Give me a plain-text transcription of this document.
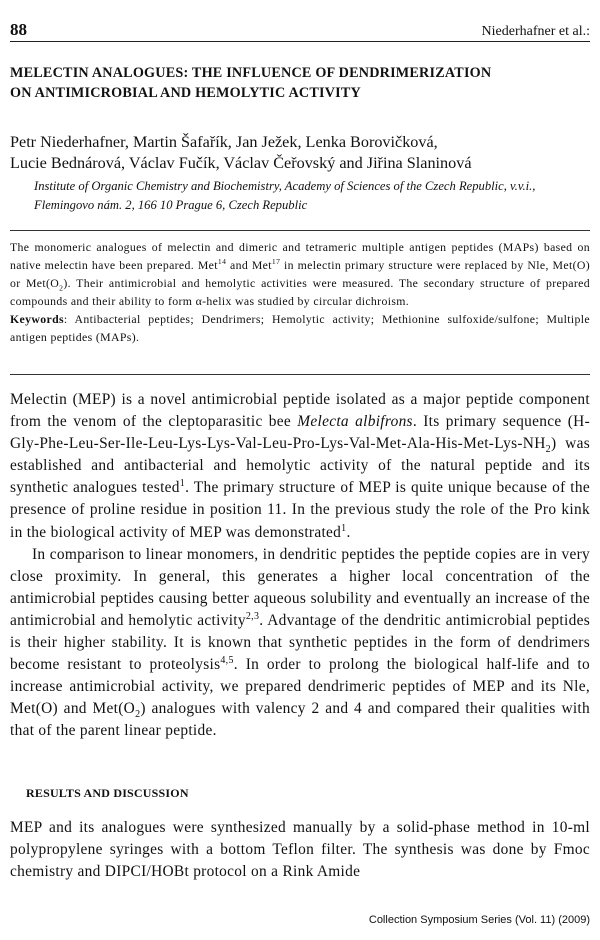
88	Niederhafner et al.:
MELECTIN ANALOGUES: THE INFLUENCE OF DENDRIMERIZATION
ON ANTIMICROBIAL AND HEMOLYTIC ACTIVITY
Petr Niederhafner, Martin Šafařík, Jan Ježek, Lenka Borovičková,
Lucie Bednárová, Václav Fučík, Václav Čeřovský and Jiřina Slaninová
Institute of Organic Chemistry and Biochemistry, Academy of Sciences of the Czech Republic, v.v.i.,
Flemingovo nám. 2, 166 10 Prague 6, Czech Republic
The monomeric analogues of melectin and dimeric and tetrameric multiple antigen peptides (MAPs) based on native melectin have been prepared. Met$^{14}$ and Met$^{17}$ in melectin primary structure were replaced by Nle, Met(O) or $Met(O_2)$. Their antimicrobial and hemolytic activities were measured. The secondary structure of prepared compounds and their ability to form α-helix was studied by circular dichroism.
Keywords: Antibacterial peptides; Dendrimers; Hemolytic activity; Methionine sulfoxide/sulfone; Multiple antigen peptides (MAPs).

Melectin (MEP) is a novel antimicrobial peptide isolated as a major peptide component from the venom of the cleptoparasitic bee Melecta albifrons. Its primary sequence $(H-Gly-Phe-Leu-Ser-Ile-Leu-Lys-Lys-Val-Leu-Pro-Lys-Val-Met-Ala-His-Met-Lys-NH_2)$ was established and antibacterial and hemolytic activity of the natural peptide and its synthetic analogues tested$^1$. The primary structure of MEP is quite unique because of the presence of proline residue in position 11. In the previous study the role of the Pro kink in the biological activity of MEP was demonstrated$^1$.

In comparison to linear monomers, in dendritic peptides the peptide copies are in very close proximity. In general, this generates a higher local concentration of the antimicrobial peptides causing better aqueous solubility and eventually an increase of the antimicrobial and hemolytic activity$^{2,3}$. Advantage of the dendritic antimicrobial peptides is their higher stability. It is known that synthetic peptides in the form of dendrimers become resistant to proteolysis$^{4,5}$. In order to prolong the biological half-life and to increase antimicrobial activity, we prepared dendrimeric peptides of MEP and its Nle, Met(O) and $Met(O_2)$ analogues with valency 2 and 4 and compared their qualities with that of the parent linear peptide.

RESULTS AND DISCUSSION

MEP and its analogues were synthesized manually by a solid-phase method in 10-ml polypropylene syringes with a bottom Teflon filter. The synthesis was done by Fmoc chemistry and DIPCI/HOBt protocol on a Rink Amide

Collection Symposium Series (Vol. 11) (2009)
